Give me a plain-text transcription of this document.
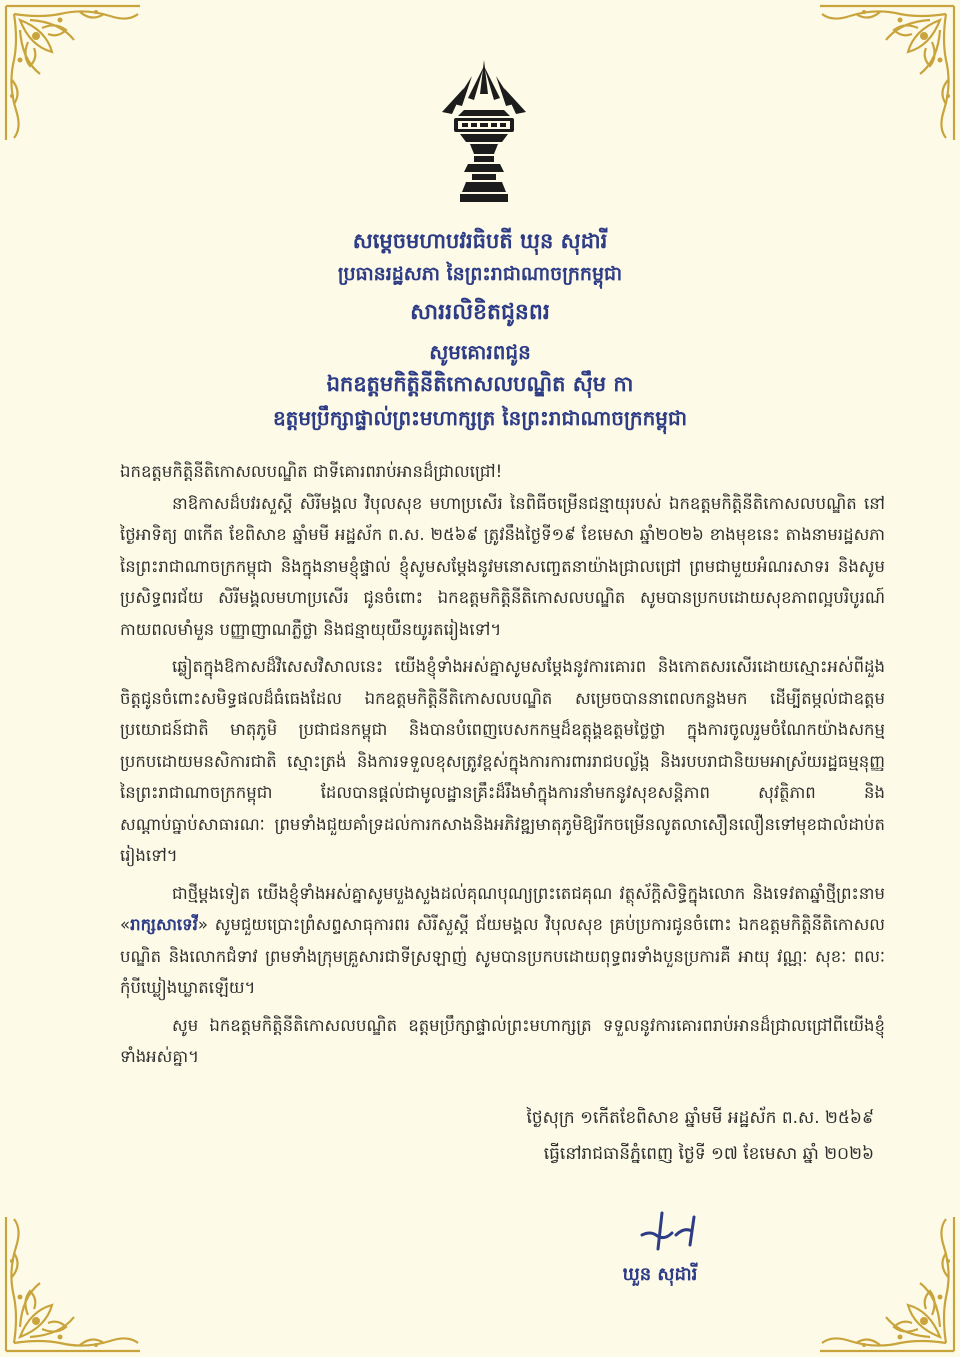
សម្ដេចមហាបវរធិបតី ឃុន សុដារី
ប្រធានរដ្ឋសភា នៃព្រះរាជាណាចក្រកម្ពុជា
សាររលិខិតជូនពរ
សូមគោរពជូន
ឯកឧត្តមកិត្តិនីតិកោសលបណ្ឌិត ស៊ឹម កា
ឧត្តមប្រឹក្សាផ្ទាល់ព្រះមហាក្សត្រ នៃព្រះរាជាណាចក្រកម្ពុជា

ឯកឧត្តមកិត្តិនីតិកោសលបណ្ឌិត ជាទីគោរពរាប់អានដ៏ជ្រាលជ្រៅ!

នាឱកាសដ៏បវរសួស្តី សិរីមង្គល វិបុលសុខ មហាប្រសើរ នៃពិធីចម្រើនជន្មាយុរបស់ ឯកឧត្តមកិត្តិនីតិកោសលបណ្ឌិត នៅថ្ងៃអាទិត្យ ៣កើត ខែពិសាខ ឆ្នាំមមី អដ្ឋស័ក ព.ស. ២៥៦៩ ត្រូវនឹងថ្ងៃទី១៩ ខែមេសា ឆ្នាំ២០២៦ ខាងមុខនេះ តាងនាមរដ្ឋសភានៃព្រះរាជាណាចក្រកម្ពុជា និងក្នុងនាមខ្ញុំផ្ទាល់ ខ្ញុំសូមសម្តែងនូវមនោសញ្ចេតនាយ៉ាងជ្រាលជ្រៅ ព្រមជាមួយអំណរសាទរ និងសូមប្រសិទ្ធពរជ័យ សិរីមង្គលមហាប្រសើរ ជូនចំពោះ ឯកឧត្តមកិត្តិនីតិកោសលបណ្ឌិត សូមបានប្រកបដោយសុខភាពល្អបរិបូរណ៍ កាយពលមាំមួន បញ្ញាញាណភ្លឺថ្លា និងជន្មាយុយឺនយូរតរៀងទៅ។

ឆ្លៀតក្នុងឱកាសដ៏វិសេសវិសាលនេះ យើងខ្ញុំទាំងអស់គ្នាសូមសម្តែងនូវការគោរព និងកោតសរសើរដោយស្មោះអស់ពីដួងចិត្តជូនចំពោះសមិទ្ធផលដ៏ធំធេងដែល ឯកឧត្តមកិត្តិនីតិកោសលបណ្ឌិត សម្រេចបាននាពេលកន្លងមក ដើម្បីតម្កល់ជាឧត្តមប្រយោជន៍ជាតិ មាតុភូមិ ប្រជាជនកម្ពុជា និងបានបំពេញបេសកកម្មដ៏ឧត្តុង្គឧត្តមថ្លៃថ្លា ក្នុងការចូលរួមចំណែកយ៉ាងសកម្មប្រកបដោយមនសិការជាតិ ស្មោះត្រង់ និងការទទួលខុសត្រូវខ្ពស់ក្នុងការការពាររាជបល្ល័ង្ក និងរបបរាជានិយមអាស្រ័យរដ្ឋធម្មនុញ្ញនៃព្រះរាជាណាចក្រកម្ពុជា ដែលបានផ្តល់ជាមូលដ្ឋានគ្រឹះដ៏រឹងមាំក្នុងការនាំមកនូវសុខសន្តិភាព សុវត្ថិភាព និងសណ្តាប់ធ្នាប់សាធារណៈ ព្រមទាំងជួយគាំទ្រដល់ការកសាងនិងអភិវឌ្ឍមាតុភូមិឱ្យរីកចម្រើនលូតលាស់ឿនលឿនទៅមុខជាលំដាប់តរៀងទៅ។

ជាថ្មីម្តងទៀត យើងខ្ញុំទាំងអស់គ្នាសូមបួងសួងដល់គុណបុណ្យព្រះតេជគុណ វត្ថុស័ក្តិសិទ្ធិក្នុងលោក និងទេវតាឆ្នាំថ្មីព្រះនាម «រាក្សសាទេវី» សូមជួយប្រោះព្រំសព្ទសាធុការពរ សិរីសួស្តី ជ័យមង្គល វិបុលសុខ គ្រប់ប្រការជូនចំពោះ ឯកឧត្តមកិត្តិនីតិកោសលបណ្ឌិត និងលោកជំទាវ ព្រមទាំងក្រុមគ្រួសារជាទីស្រឡាញ់ សូមបានប្រកបដោយពុទ្ធពរទាំងបួនប្រការគឺ អាយុ វណ្ណៈ សុខៈ ពលៈ កុំបីឃ្លៀងឃ្លាតឡើយ។

សូម ឯកឧត្តមកិត្តិនីតិកោសលបណ្ឌិត ឧត្តមប្រឹក្សាផ្ទាល់ព្រះមហាក្សត្រ ទទួលនូវការគោរពរាប់អានដ៏ជ្រាលជ្រៅពីយើងខ្ញុំទាំងអស់គ្នា។

ថ្ងៃសុក្រ ១កើតខែពិសាខ ឆ្នាំមមី អដ្ឋស័ក ព.ស. ២៥៦៩
ធ្វើនៅរាជធានីភ្នំពេញ ថ្ងៃទី ១៧ ខែមេសា ឆ្នាំ ២០២៦
ឃួន សុដារី
